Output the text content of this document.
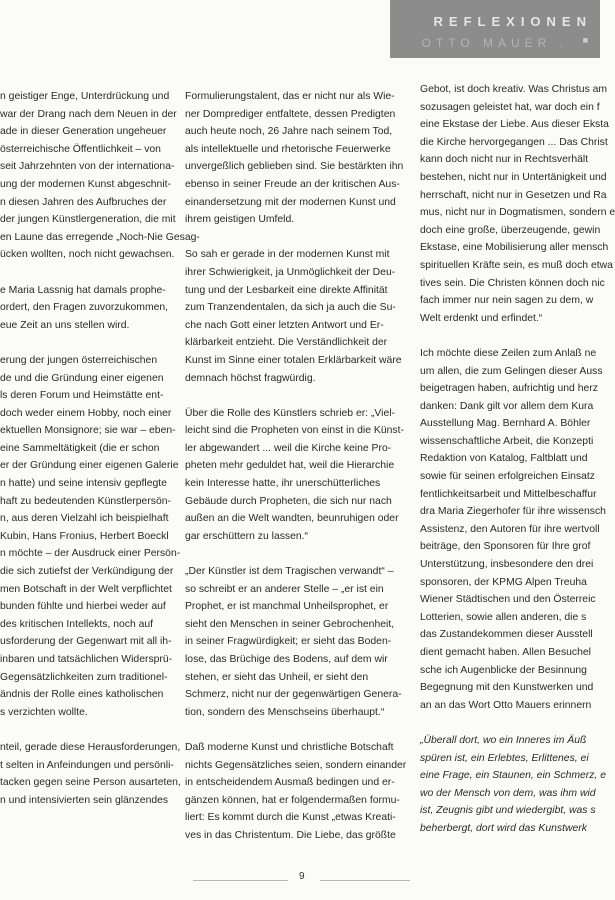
REFLEXIONEN
OTTO MAUER . ■

n geistiger Enge, Unterdrückung und
war der Drang nach dem Neuen in der
ade in dieser Generation ungeheuer
österreichische Öffentlichkeit – von
seit Jahrzehnten von der internationa-
ung der modernen Kunst abgeschnit-
n diesen Jahren des Aufbruches der
der jungen Künstlergeneration, die mit
en Laune das erregende „Noch-Nie Gesag-
ücken wollten, noch nicht gewachsen.

e Maria Lassnig hat damals prophe-
ordert, den Fragen zuvorzukommen,
eue Zeit an uns stellen wird.

erung der jungen österreichischen
de und die Gründung einer eigenen
ls deren Forum und Heimstätte ent-
doch weder einem Hobby, noch einer
ektuellen Monsignore; sie war – eben-
eine Sammeltätigkeit (die er schon
er der Gründung einer eigenen Galerie
n hatte) und seine intensiv gepflegte
haft zu bedeutenden Künstlerpersön-
n, aus deren Vielzahl ich beispielhaft
Kubin, Hans Fronius, Herbert Boeckl
n möchte – der Ausdruck einer Persön-
die sich zutiefst der Verkündigung der
men Botschaft in der Welt verpflichtet
bunden fühlte und hierbei weder auf
des kritischen Intellekts, noch auf
usforderung der Gegenwart mit all ih-
inbaren und tatsächlichen Widersprü-
Gegensätzlichkeiten zum traditionel-
ändnis der Rolle eines katholischen
s verzichten wollte.

nteil, gerade diese Herausforderungen,
t selten in Anfeindungen und persönli-
tacken gegen seine Person ausarteten,
n und intensivierten sein glänzendes

Formulierungstalent, das er nicht nur als Wie-
ner Domprediger entfaltete, dessen Predigten
auch heute noch, 26 Jahre nach seinem Tod,
als intellektuelle und rhetorische Feuerwerke
unvergeßlich geblieben sind. Sie bestärkten ihn
ebenso in seiner Freude an der kritischen Aus-
einandersetzung mit der modernen Kunst und
ihrem geistigen Umfeld.

So sah er gerade in der modernen Kunst mit
ihrer Schwierigkeit, ja Unmöglichkeit der Deu-
tung und der Lesbarkeit eine direkte Affinität
zum Tranzendentalen, da sich ja auch die Su-
che nach Gott einer letzten Antwort und Er-
klärbarkeit entzieht. Die Verständlichkeit der
Kunst im Sinne einer totalen Erklärbarkeit wäre
demnach höchst fragwürdig.

Über die Rolle des Künstlers schrieb er: „Viel-
leicht sind die Propheten von einst in die Künst-
ler abgewandert ... weil die Kirche keine Pro-
pheten mehr geduldet hat, weil die Hierarchie
kein Interesse hatte, ihr unerschütterliches
Gebäude durch Propheten, die sich nur nach
außen an die Welt wandten, beunruhigen oder
gar erschüttern zu lassen.“

„Der Künstler ist dem Tragischen verwandt“ –
so schreibt er an anderer Stelle – „er ist ein
Prophet, er ist manchmal Unheilsprophet, er
sieht den Menschen in seiner Gebrochenheit,
in seiner Fragwürdigkeit; er sieht das Boden-
lose, das Brüchige des Bodens, auf dem wir
stehen, er sieht das Unheil, er sieht den
Schmerz, nicht nur der gegenwärtigen Genera-
tion, sondern des Menschseins überhaupt.“

Daß moderne Kunst und christliche Botschaft
nichts Gegensätzliches seien, sondern einander
in entscheidendem Ausmaß bedingen und er-
gänzen können, hat er folgendermaßen formu-
liert: Es kommt durch die Kunst „etwas Kreati-
ves in das Christentum. Die Liebe, das größte

Gebot, ist doch kreativ. Was Christus am
sozusagen geleistet hat, war doch ein f
eine Ekstase der Liebe. Aus dieser Eksta
die Kirche hervorgegangen ... Das Christ
kann doch nicht nur in Rechtsverhält
bestehen, nicht nur in Untertänigkeit und
herrschaft, nicht nur in Gesetzen und Ra
mus, nicht nur in Dogmatismen, sondern e
doch eine große, überzeugende, gewin
Ekstase, eine Mobilisierung aller mensch
spirituellen Kräfte sein, es muß doch etwa
tives sein. Die Christen können doch nic
fach immer nur nein sagen zu dem, w
Welt erdenkt und erfindet.“

Ich möchte diese Zeilen zum Anlaß ne
um allen, die zum Gelingen dieser Auss
beigetragen haben, aufrichtig und herz
danken: Dank gilt vor allem dem Kura
Ausstellung Mag. Bernhard A. Böhler
wissenschaftliche Arbeit, die Konzepti
Redaktion von Katalog, Faltblatt und
sowie für seinen erfolgreichen Einsatz
fentlichkeitsarbeit und Mittelbeschaffur
dra Maria Ziegerhofer für ihre wissensch
Assistenz, den Autoren für ihre wertvoll
beiträge, den Sponsoren für Ihre grof
Unterstützung, insbesondere den drei
sponsoren, der KPMG Alpen Treuha
Wiener Städtischen und den Österreic
Lotterien, sowie allen anderen, die s
das Zustandekommen dieser Ausstell
dient gemacht haben. Allen Besuchel
sche ich Augenblicke der Besinnung
Begegnung mit den Kunstwerken und
an an das Wort Otto Mauers erinnern

„Überall dort, wo ein Inneres im Äuß
spüren ist, ein Erlebtes, Erlittenes, ei
eine Frage, ein Staunen, ein Schmerz, e
wo der Mensch von dem, was ihm wid
ist, Zeugnis gibt und wiedergibt, was s
beherbergt, dort wird das Kunstwerk

9
